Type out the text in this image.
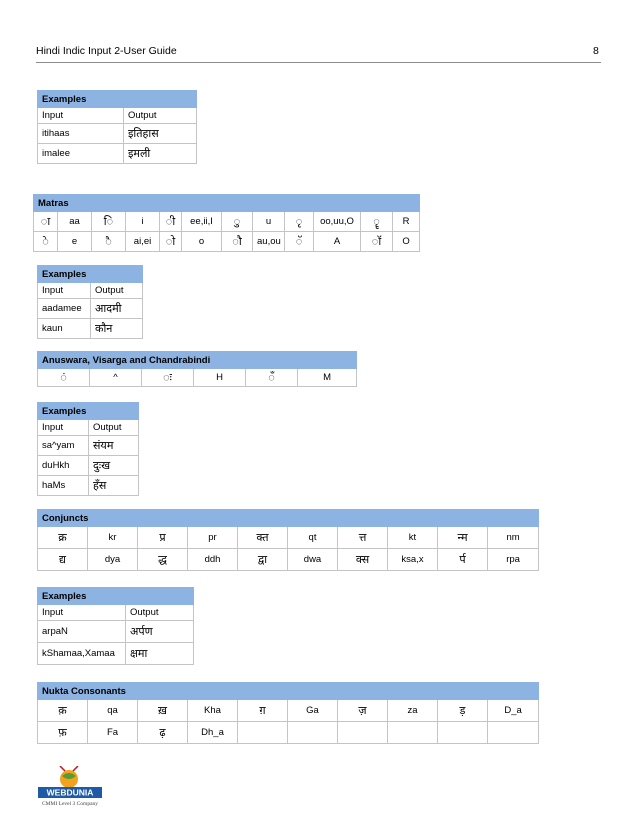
Hindi Indic Input 2-User Guide	8
Examples	
Input	Output
itihaas	इतिहास
imalee	इमली
Matras											
ा	aa	ि	i	ी	ee,ii,I	ु	u	ृ	oo,uu,O	ॄ	R
े	e	ै	ai,ei	ो	o	ौ	au,ou	ॅ	A	ॉ	O
Examples	
Input	Output
aadamee	आदमी
kaun	कौन
Anuswara, Visarga and Chandrabindi
ं	^	ः	H	ँ	M
Examples	
Input	Output
sa^yam	संयम
duHkh	दुःख
haMs	हँस
Conjuncts									
क्र	kr	प्र	pr	क्त	qt	त्त	kt	न्म	nm
द्य	dya	द्ध	ddh	द्वा	dwa	क्स	ksa,x	र्प	rpa
Examples	
Input	Output
arpaN	अर्पण
kShamaa,Xamaa	क्षमा
Nukta Consonants									
क़	qa	ख़	Kha	ग़	Ga	ज़	za	ड़	D_a
फ़	Fa	ढ़	Dh_a						
WEBDUNIA
CMMI Level 3 Company
